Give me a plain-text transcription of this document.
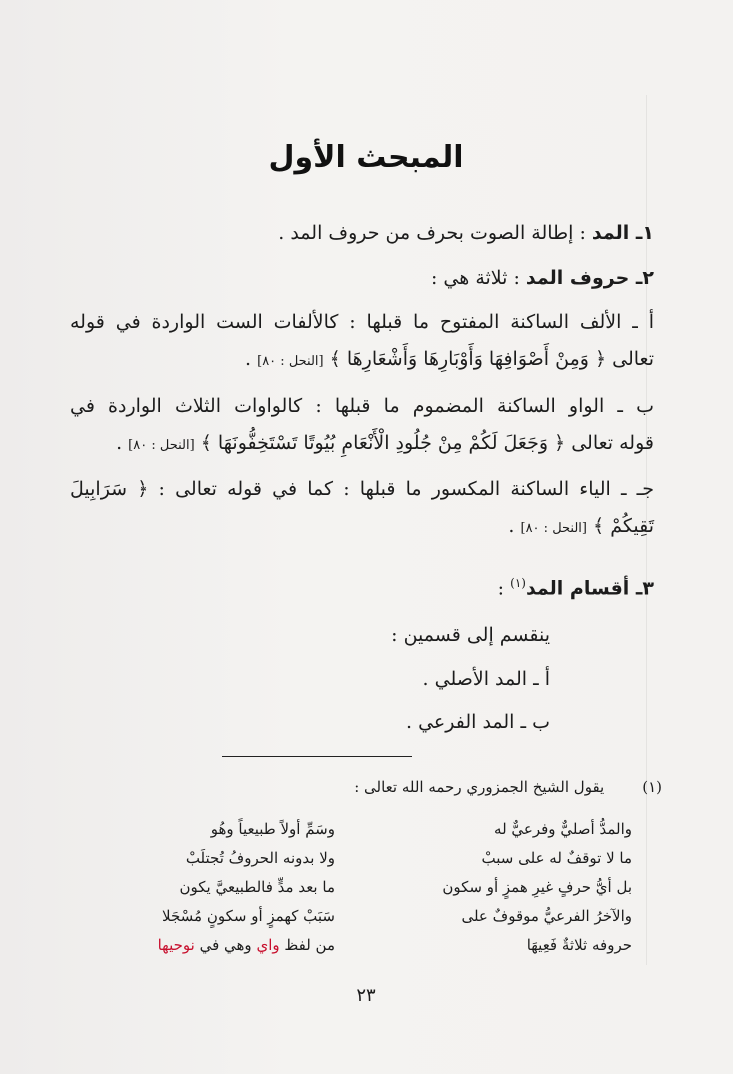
المبحث الأول
١ـ المد : إطالة الصوت بحرف من حروف المد .
٢ـ حروف المد : ثلاثة هي :
أ ـ الألف الساكنة المفتوح ما قبلها : كالألفات الست الواردة في قوله
تعالى ﴿ وَمِنْ أَصْوَافِهَا وَأَوْبَارِهَا وَأَشْعَارِهَا ﴾ [النحل : ٨٠] .
ب ـ الواو الساكنة المضموم ما قبلها : كالواوات الثلاث الواردة في
قوله تعالى ﴿ وَجَعَلَ لَكُمْ مِنْ جُلُودِ الْأَنْعَامِ بُيُوتًا تَسْتَخِفُّونَهَا ﴾ [النحل : ٨٠] .
جـ ـ الياء الساكنة المكسور ما قبلها : كما في قوله تعالى : ﴿ سَرَابِيلَ
تَقِيكُمْ ﴾ [النحل : ٨٠] .
٣ـ أقسام المد$^{(١)}$ :
ينقسم إلى قسمين :
أ ـ المد الأصلي .
ب ـ المد الفرعي .
(١)يقول الشيخ الجمزوري رحمه الله تعالى :
والمدُّ أصليٌّ وفرعيٌّ له
وسَمِّ أولاً طبيعياً وهُو
ما لا توقفٌ له على سببْ
ولا بدونه الحروفُ تُجتلَبْ
بل أيُّ حرفٍ غيرِ همزٍ أو سكون
ما بعد مدٍّ فالطبيعيَّ يكون
والآخرُ الفرعيُّ موقوفٌ على
سَبَبْ كهمزٍ أو سكونٍ مُسْجَلا
حروفه ثلاثةٌ فَعِيهَا
من لفظ واي وهي في نوحيها
٢٣
